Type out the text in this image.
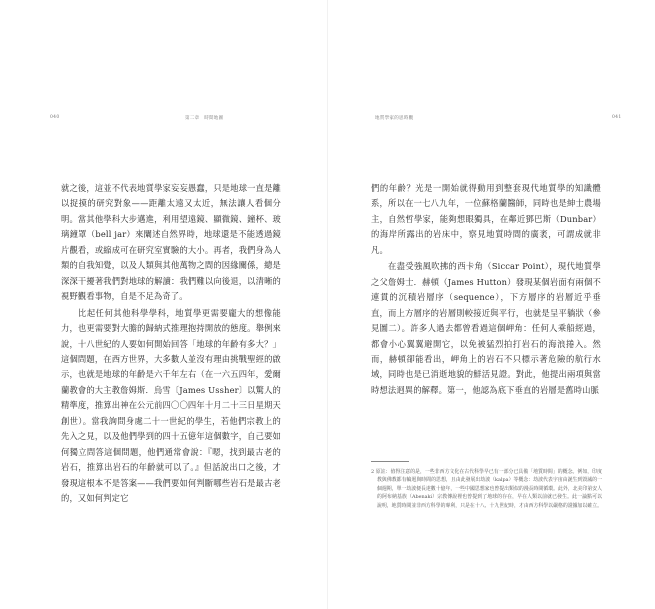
040	第二章　時間地圖

就之後，這並不代表地質學家妄妄愚蠢，只是地球一直是離以捉摸的研究對象——距離太遠又太近，無法讓人看個分明。當其他學科大步邁進，利用望遠鏡、顯微鏡、鐘杯、玻璃鐘罩（bell jar）來闡述自然界時，地球還是不能透過鏡片觀看，或縮成可在研究室實驗的大小。再者，我們身為人類的自我知覺，以及人類與其他萬物之間的因緣關係，總是深深干擾著我們對地球的解讀：我們難以向後退，以清晰的視野觀看事物，自是不足為奇了。

比起任何其他科學學科，地質學更需要龐大的想像能力，也更需要對大膽的歸納式推理抱持開放的態度。舉例來說，十八世紀的人要如何開始回答「地球的年齡有多大？」這個問題，在西方世界，大多數人並沒有理由挑戰聖經的啟示，也就是地球的年齡是六千年左右（在一六五四年，愛爾蘭教會的大主教詹姆斯．烏雪〔James Ussher〕以驚人的精準度，推算出神在公元前四〇〇四年十月二十三日星期天創世）。當我詢問身處二十一世紀的學生，若他們宗教上的先入之見，以及他們學到的四十五億年這個數字，自己要如何獨立問答這個問題，他們通常會說：『嗯，找到最古老的岩石，推算出岩石的年齡就可以了。』但話說出口之後，才發現這根本不是答案——我們要如何判斷哪些岩石是最古老的，又如何判定它

地質學家的思時觀	041

們的年齡？光是一開始就得動用到整套現代地質學的知識體系，所以在一七八九年，一位蘇格蘭醫師，同時也是紳士農場主，自然哲學家，能夠想眼獨具，在鄰近鄧巴斯（Dunbar）的海岸所露出的岩床中，察見地質時間的廣袤，可謂成就非凡。

在盡受強風吹拂的西卡角（Siccar Point），現代地質學之父詹姆士．赫頓（James Hutton）發現某個岩面有兩個不連貫的沉積岩層序（sequence），下方層序的岩層近乎垂直，而上方層序的岩層則較接近與平行，也就是呈平躺狀（參見圖二）。許多人過去都曾看過這個岬角：任何人乘船經過，都會小心翼翼避開它，以免被猛烈拍打岩石的海浪捲入。然而，赫頓卻能看出，岬角上的岩石不只標示著危險的航行水域，同時也是已消逝地貌的鮮活見證。對此，他提出兩項與當時想法迥異的解釋。第一，他認為底下垂直的岩層是舊時山脈

2 原註：值得注意的是，一些非西方文化在古代科學早已有一部分已具備「地質時間」的概念。例如，印度教與佛教都有輪迴與時間的思想，且由此發展出劫波（kalpa）等概念：劫波代表宇宙由誕生到毀滅的一個週期，單一劫波便長達數十億年，一些中國思想家也曾提出類似的漫長時間循環。此外，北美印第安人的阿布納基族（Abenaki）宗教傳說裡也曾提到了地球的存在，早在人類以前就已發生。此一論點可以說明，地質時間並非西方科學的專利，只是在十八、十九世紀時，才由西方科學以嚴格的證據加以確立。
